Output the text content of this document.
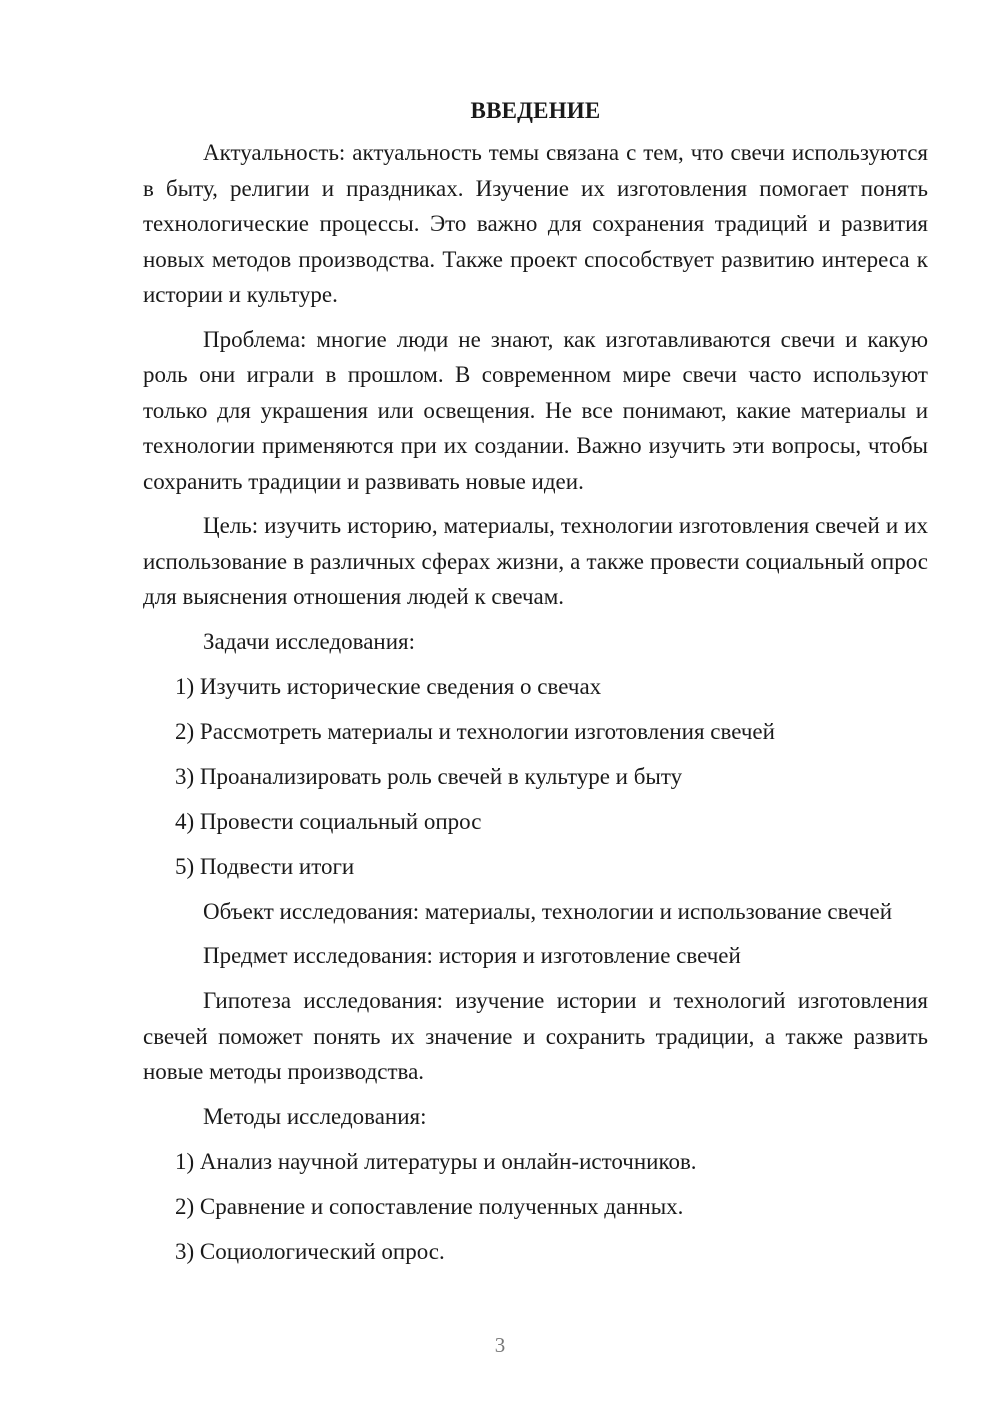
ВВЕДЕНИЕ

Актуальность: актуальность темы связана с тем, что свечи используются в быту, религии и праздниках. Изучение их изготовления помогает понять технологические процессы. Это важно для сохранения традиций и развития новых методов производства. Также проект способствует развитию интереса к истории и культуре.

Проблема: многие люди не знают, как изготавливаются свечи и какую роль они играли в прошлом. В современном мире свечи часто используют только для украшения или освещения. Не все понимают, какие материалы и технологии применяются при их создании. Важно изучить эти вопросы, чтобы сохранить традиции и развивать новые идеи.

Цель: изучить историю, материалы, технологии изготовления свечей и их использование в различных сферах жизни, а также провести социальный опрос для выяснения отношения людей к свечам.

Задачи исследования:

1) Изучить исторические сведения о свечах
2) Рассмотреть материалы и технологии изготовления свечей
3) Проанализировать роль свечей в культуре и быту
4) Провести социальный опрос
5) Подвести итоги

Объект исследования: материалы, технологии и использование свечей

Предмет исследования: история и изготовление свечей

Гипотеза исследования: изучение истории и технологий изготовления свечей поможет понять их значение и сохранить традиции, а также развить новые методы производства.

Методы исследования:

1) Анализ научной литературы и онлайн-источников.
2) Сравнение и сопоставление полученных данных.
3) Социологический опрос.
3
